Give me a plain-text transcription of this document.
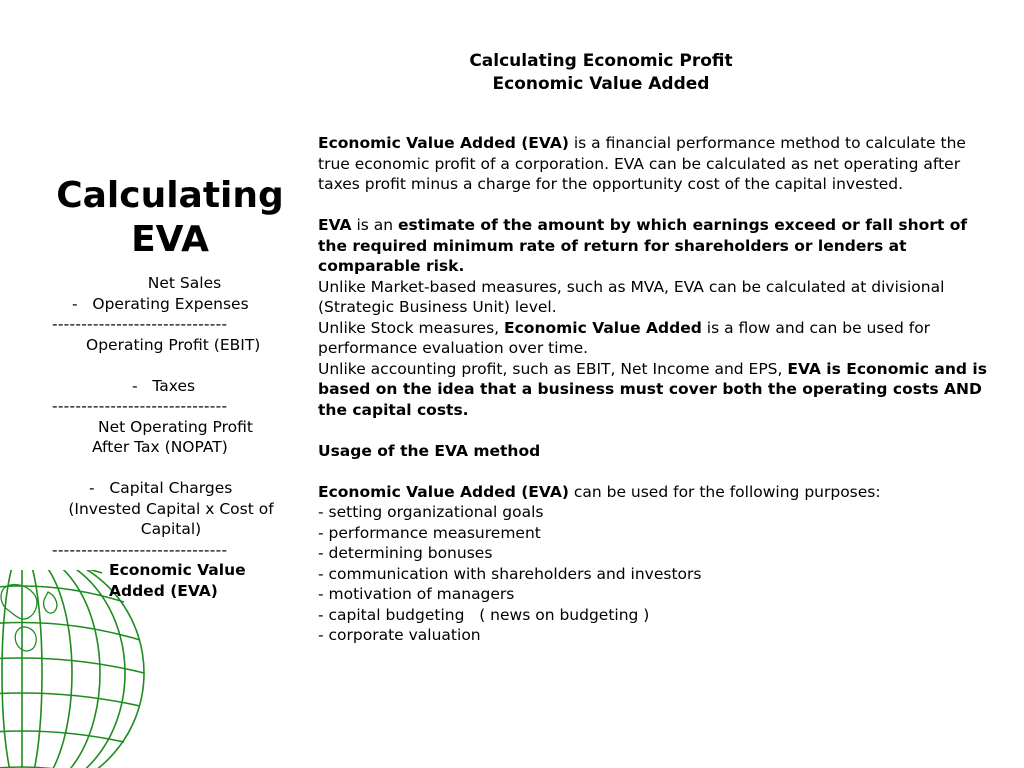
Calculating Economic Profit
Economic Value Added
Calculating
EVA
Net Sales
-   Operating Expenses
------------------------------
Operating Profit (EBIT)
-   Taxes
------------------------------
Net Operating Profit
After Tax (NOPAT)
-   Capital Charges
(Invested Capital x Cost of
Capital)
------------------------------
Economic Value
Added (EVA)

Economic Value Added (EVA) is a financial performance method to calculate the true economic profit of a corporation. EVA can be calculated as net operating after taxes profit minus a charge for the opportunity cost of the capital invested.

EVA is an estimate of the amount by which earnings exceed or fall short of the required minimum rate of return for shareholders or lenders at comparable risk.

Unlike Market-based measures, such as MVA, EVA can be calculated at divisional (Strategic Business Unit) level.

Unlike Stock measures, Economic Value Added is a flow and can be used for performance evaluation over time.

Unlike accounting profit, such as EBIT, Net Income and EPS, EVA is Economic and is based on the idea that a business must cover both the operating costs AND the capital costs.

Usage of the EVA method

Economic Value Added (EVA) can be used for the following purposes:

- setting organizational goals

- performance measurement

- determining bonuses

- communication with shareholders and investors

- motivation of managers

- capital budgeting   ( news on budgeting )

- corporate valuation
